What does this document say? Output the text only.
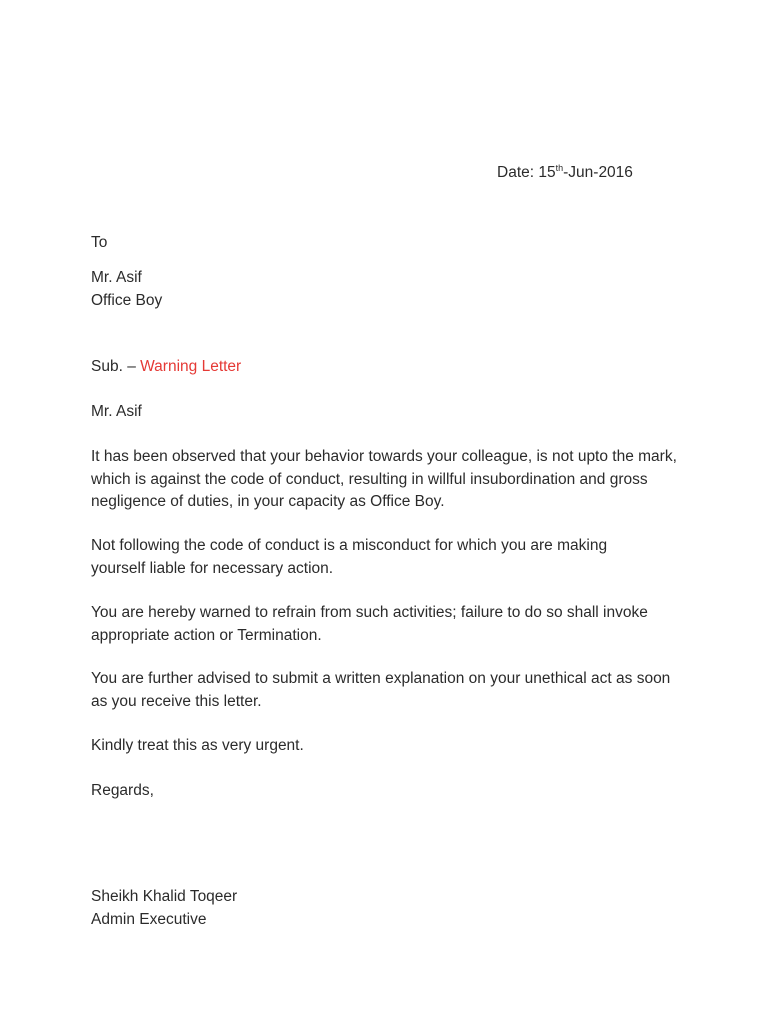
Date: 15th-Jun-2016
To
Mr. Asif
Office Boy
Sub. – Warning Letter
Mr. Asif
It has been observed that your behavior towards your colleague, is not upto the mark, which is against the code of conduct, resulting in willful insubordination and gross negligence of duties, in your capacity as Office Boy.
Not following the code of conduct is a misconduct for which you are making yourself liable for necessary action.
You are hereby warned to refrain from such activities; failure to do so shall invoke appropriate action or Termination.
You are further advised to submit a written explanation on your unethical act as soon as you receive this letter.
Kindly treat this as very urgent.
Regards,
Sheikh Khalid Toqeer
Admin Executive
